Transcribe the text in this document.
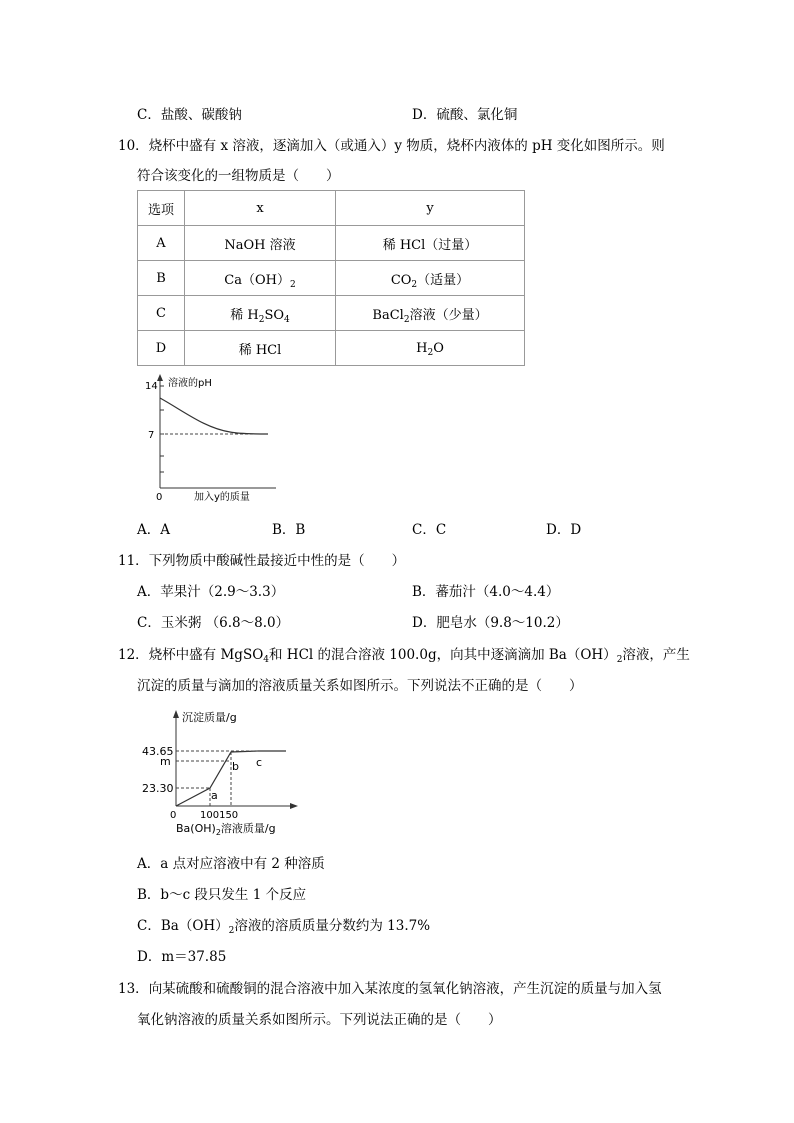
C．盐酸、碳酸钠	D．硫酸、氯化铜
10．烧杯中盛有 x 溶液，逐滴加入（或通入）y 物质，烧杯内液体的 pH 变化如图所示。则
符合该变化的一组物质是（　　）
选项	x	y
A	NaOH 溶液	稀 HCl（过量）
B	$Ca(OH)_2$	$CO_2$（适量）
C	稀 $H_2SO_4$	BaCl$_2$溶液（少量）
D	稀 HCl	$H_2O$
溶液的pH
14
7
0	加入y的质量
A．A	B．B	C．C	D．D
11．下列物质中酸碱性最接近中性的是（　　）
A．苹果汁（2.9～3.3）	B．蕃茄汁（4.0～4.4）
C．玉米粥 （6.8～8.0）	D．肥皂水（9.8～10.2）
12．烧杯中盛有 MgSO$_4$和 HCl 的混合溶液 100.0g，向其中逐滴滴加 $Ba(OH)_2$溶液，产生
沉淀的质量与滴加的溶液质量关系如图所示。下列说法不正确的是（　　）
沉淀质量/g
43.65
m
23.30
0 100150
a
b c
$Ba(OH)_2$溶液质量/g
A．a 点对应溶液中有 2 种溶质
B．b～c 段只发生 1 个反应
C．$Ba(OH)_2$溶液的溶质质量分数约为 13.7%
D．m＝37.85
13．向某硫酸和硫酸铜的混合溶液中加入某浓度的氢氧化钠溶液，产生沉淀的质量与加入氢
氧化钠溶液的质量关系如图所示。下列说法正确的是（　　）
